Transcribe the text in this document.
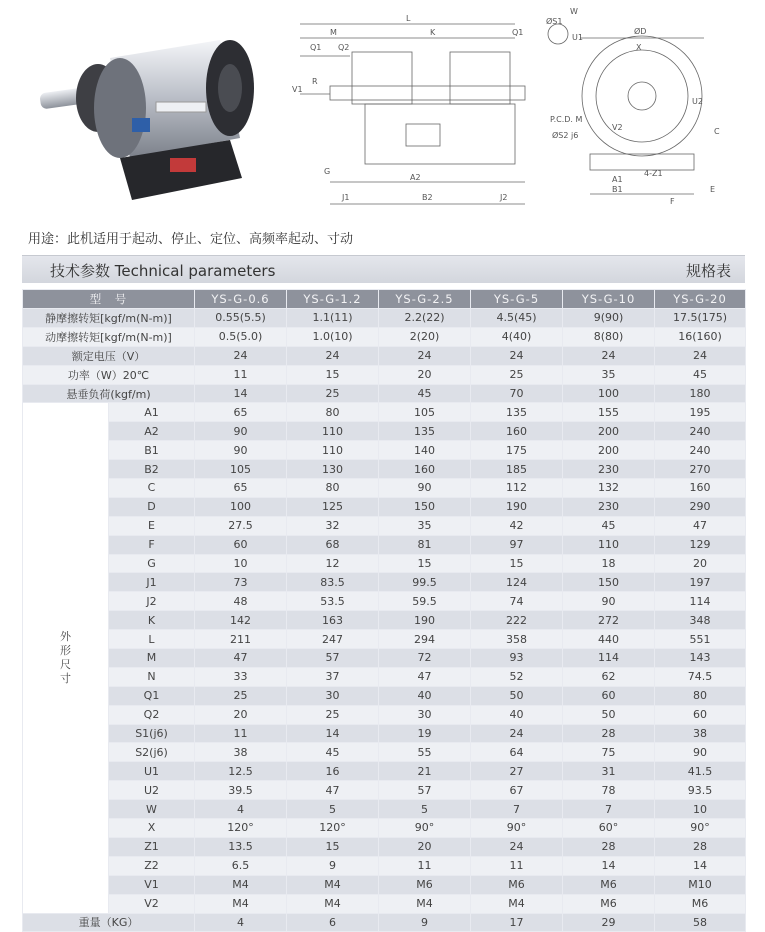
L
M	K
Q1 Q2
Q1
R
V1
G
A2
J1	B2	J2
ØS1
W
U1
ØD
X
U2
P.C.D. M
ØS2 j6
V2	C
4-Z1
A1
B1
F
E
用途：此机适用于起动、停止、定位、高频率起动、寸动
技术参数 Technical parameters	规格表
型　号		YS-G-0.6	YS-G-1.2	YS-G-2.5	YS-G-5	YS-G-10	YS-G-20
静摩擦转矩[kgf/m(N-m)]		0.55(5.5)	1.1(11)	2.2(22)	4.5(45)	9(90)	17.5(175)
动摩擦转矩[kgf/m(N-m)]		0.5(5.0)	1.0(10)	2(20)	4(40)	8(80)	16(160)
额定电压（V）		24	24	24	24	24	24
功率（W）20℃		11	15	20	25	35	45
悬垂负荷(kgf/m)		14	25	45	70	100	180
外
形
尺
寸	A1	65	80	105	135	155	195
	A2	90	110	135	160	200	240
	B1	90	110	140	175	200	240
	B2	105	130	160	185	230	270
	C	65	80	90	112	132	160
	D	100	125	150	190	230	290
	E	27.5	32	35	42	45	47
	F	60	68	81	97	110	129
	G	10	12	15	15	18	20
	J1	73	83.5	99.5	124	150	197
	J2	48	53.5	59.5	74	90	114
	K	142	163	190	222	272	348
	L	211	247	294	358	440	551
	M	47	57	72	93	114	143
	N	33	37	47	52	62	74.5
	Q1	25	30	40	50	60	80
	Q2	20	25	30	40	50	60
	S1(j6)	11	14	19	24	28	38
	S2(j6)	38	45	55	64	75	90
	U1	12.5	16	21	27	31	41.5
	U2	39.5	47	57	67	78	93.5
	W	4	5	5	7	7	10
	X	120°	120°	90°	90°	60°	90°
	Z1	13.5	15	20	24	28	28
	Z2	6.5	9	11	11	14	14
	V1	M4	M4	M6	M6	M6	M10
	V2	M4	M4	M4	M4	M6	M6
重量（KG）		4	6	9	17	29	58
